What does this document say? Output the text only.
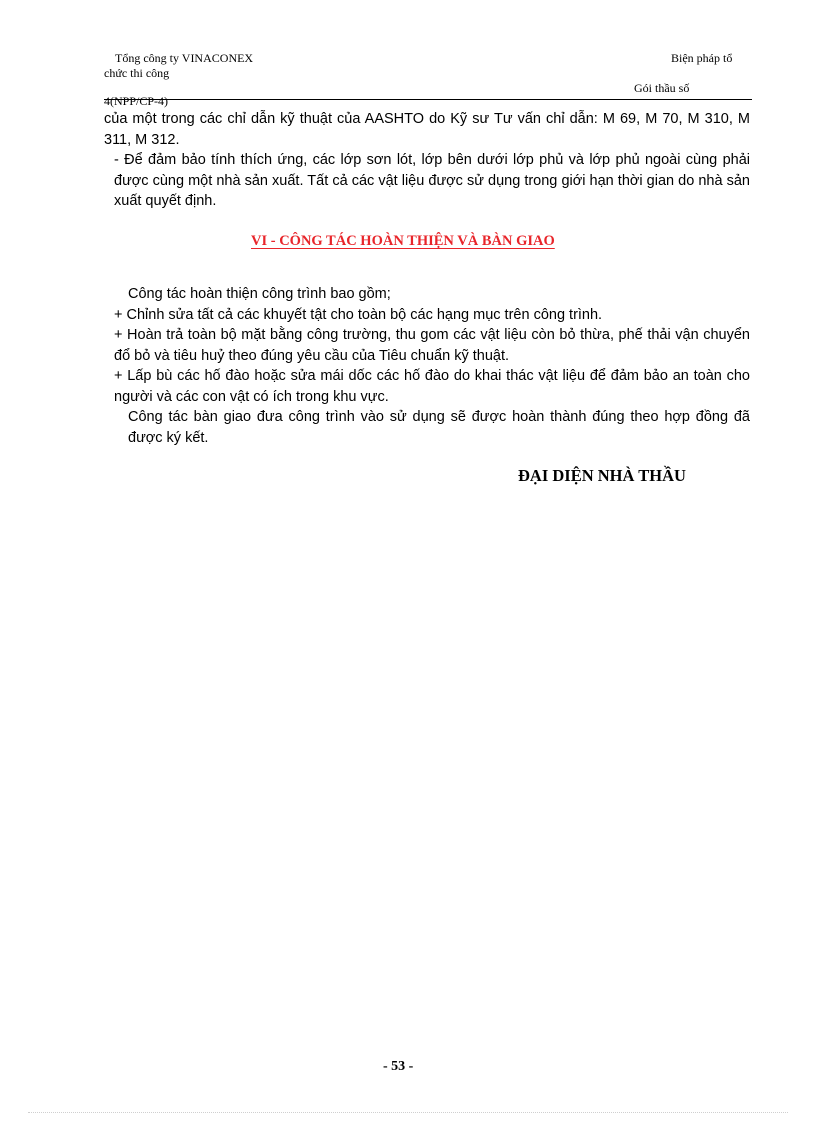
Tổng công ty VINACONEX	Biện pháp tổ
chức thi công
Gói thầu số
4(NPP/CP-4)

của một trong các chỉ dẫn kỹ thuật của AASHTO do Kỹ sư Tư vấn chỉ dẫn: M 69, M 70, M 310, M 311, M 312.

- Để đảm bảo tính thích ứng, các lớp sơn lót, lớp bên dưới lớp phủ và lớp phủ ngoài cùng phải được cùng một nhà sản xuất. Tất cả các vật liệu được sử dụng trong giới hạn thời gian do nhà sản xuất quyết định.

VI - CÔNG TÁC HOÀN THIỆN VÀ BÀN GIAO

Công tác hoàn thiện công trình bao gồm;

+ Chỉnh sửa tất cả các khuyết tật cho toàn bộ các hạng mục trên công trình.

+ Hoàn trả toàn bộ mặt bằng công trường, thu gom các vật liệu còn bỏ thừa, phế thải vận chuyển đổ bỏ và tiêu huỷ theo đúng yêu cầu của Tiêu chuẩn kỹ thuật.

+ Lấp bù các hố đào hoặc sửa mái dốc các hố đào do khai thác vật liệu để đảm bảo an toàn cho người và các con vật có ích trong khu vực.

Công tác bàn giao đưa công trình vào sử dụng sẽ được hoàn thành đúng theo hợp đồng đã được ký kết.

ĐẠI DIỆN NHÀ THẦU
- 53 -
